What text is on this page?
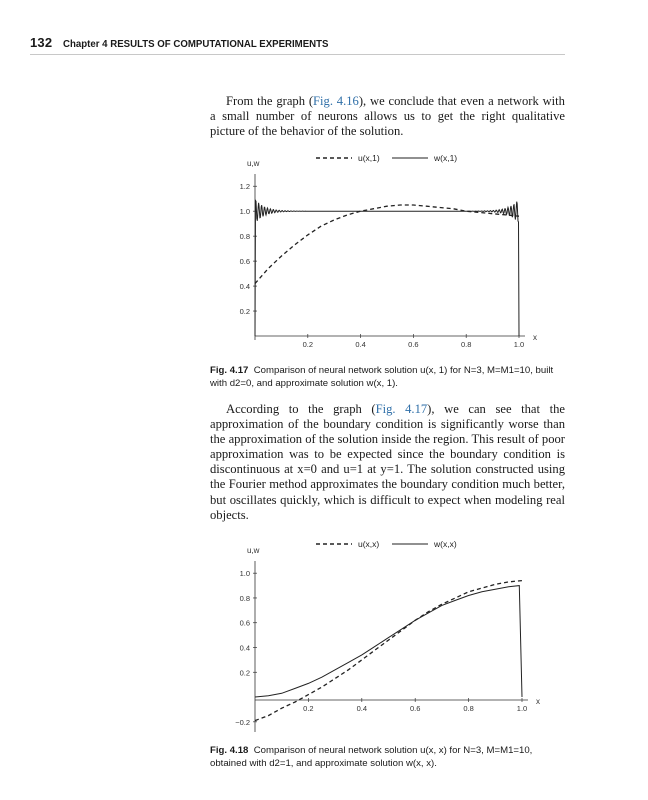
132 Chapter 4 RESULTS OF COMPUTATIONAL EXPERIMENTS

From the graph (Fig. 4.16), we conclude that even a network with a small number of neurons allows us to get the right qualitative picture of the behavior of the solution.

x
u,w
0.2	0.4	0.6	0.8	1.0
0.2
0.4
0.6
0.8
1.0
1.2
u(x,1)	w(x,1)

Fig. 4.17 Comparison of neural network solution u(x, 1) for N=3, M=M1=10, built with d2=0, and approximate solution w(x, 1).

According to the graph (Fig. 4.17), we can see that the approximation of the boundary condition is significantly worse than the approximation of the solution inside the region. This result of poor approximation was to be expected since the boundary condition is discontinuous at x=0 and u=1 at y=1. The solution constructed using the Fourier method approximates the boundary condition much better, but oscillates quickly, which is difficult to expect when modeling real objects.

x
u,w
0.2	0.4	0.6	0.8	1.0
−0.2
0.2
0.4
0.6
0.8
1.0
u(x,x)	w(x,x)

Fig. 4.18 Comparison of neural network solution u(x, x) for N=3, M=M1=10, obtained with d2=1, and approximate solution w(x, x).
